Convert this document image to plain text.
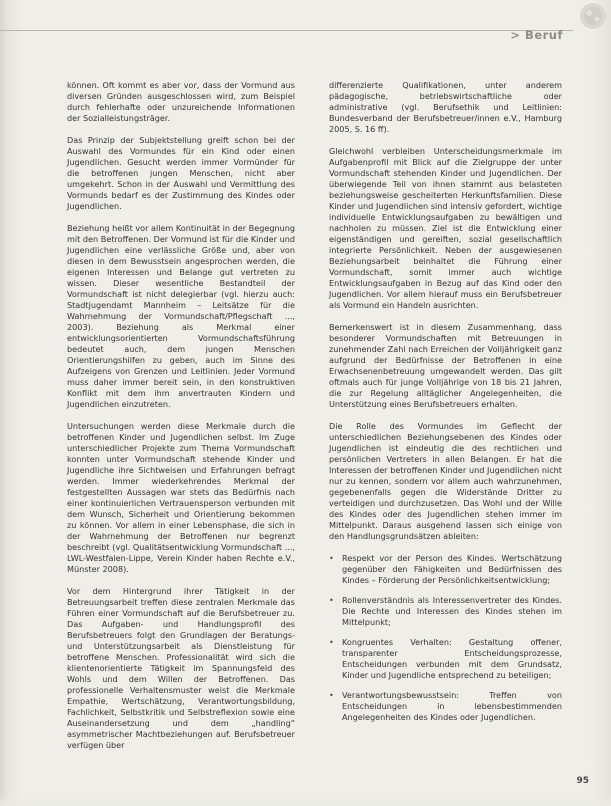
> Beruf

können. Oft kommt es aber vor, dass der Vormund aus diversen Gründen ausgeschlossen wird, zum Beispiel durch fehlerhafte oder unzureichende Informationen der Sozialleistungsträger.

Das Prinzip der Subjektstellung greift schon bei der Auswahl des Vormundes für ein Kind oder einen Jugendlichen. Gesucht werden immer Vormünder für die betroffenen jungen Menschen, nicht aber umgekehrt. Schon in der Auswahl und Vermittlung des Vormunds bedarf es der Zustimmung des Kindes oder Jugendlichen.

Beziehung heißt vor allem Kontinuität in der Begegnung mit den Betroffenen. Der Vormund ist für die Kinder und Jugendlichen eine verlässliche Größe und, aber von diesen in dem Bewusstsein angesprochen werden, die eigenen Interessen und Belange gut vertreten zu wissen. Dieser wesentliche Bestandteil der Vormundschaft ist nicht delegierbar (vgl. hierzu auch: Stadtjugendamt Mannheim – Leitsätze für die Wahrnehmung der Vormundschaft/Pflegschaft ..., 2003). Beziehung als Merkmal einer entwicklungsorientierten Vormundschaftsführung bedeutet auch, dem jungen Menschen Orientierungshilfen zu geben, auch im Sinne des Aufzeigens von Grenzen und Leitlinien. Jeder Vormund muss daher immer bereit sein, in den konstruktiven Konflikt mit dem ihm anvertrauten Kindern und Jugendlichen einzutreten.

Untersuchungen werden diese Merkmale durch die betroffenen Kinder und Jugendlichen selbst. Im Zuge unterschiedlicher Projekte zum Thema Vormundschaft konnten unter Vormundschaft stehende Kinder und Jugendliche ihre Sichtweisen und Erfahrungen befragt werden. Immer wiederkehrendes Merkmal der festgestellten Aussagen war stets das Bedürfnis nach einer kontinuierlichen Vertrauensperson verbunden mit dem Wunsch, Sicherheit und Orientierung bekommen zu können. Vor allem in einer Lebensphase, die sich in der Wahrnehmung der Betroffenen nur begrenzt beschreibt (vgl. Qualitätsentwicklung Vormundschaft ..., LWL-Westfalen-Lippe, Verein Kinder haben Rechte e.V., Münster 2008).

Vor dem Hintergrund ihrer Tätigkeit in der Betreuungsarbeit treffen diese zentralen Merkmale das Führen einer Vormundschaft auf die Berufsbetreuer zu. Das Aufgaben- und Handlungsprofil des Berufsbetreuers folgt den Grundlagen der Beratungs- und Unterstützungsarbeit als Dienstleistung für betroffene Menschen. Professionalität wird sich die klientenorientierte Tätigkeit im Spannungsfeld des Wohls und dem Willen der Betroffenen. Das professionelle Verhaltensmuster weist die Merkmale Empathie, Wertschätzung, Verantwortungsbildung, Fachlichkeit, Selbstkritik und Selbstreflexion sowie eine Auseinandersetzung und dem „handling“ asymmetrischer Machtbeziehungen auf. Berufsbetreuer verfügen über

differenzierte Qualifikationen, unter anderem pädagogische, betriebswirtschaftliche oder administrative (vgl. Berufsethik und Leitlinien: Bundesverband der Berufsbetreuer/innen e.V., Hamburg 2005, S. 16 ff).

Gleichwohl verbleiben Unterscheidungsmerkmale im Aufgabenprofil mit Blick auf die Zielgruppe der unter Vormundschaft stehenden Kinder und Jugendlichen. Der überwiegende Teil von ihnen stammt aus belasteten beziehungsweise gescheiterten Herkunftsfamilien. Diese Kinder und Jugendlichen sind intensiv gefordert, wichtige individuelle Entwicklungsaufgaben zu bewältigen und nachholen zu müssen. Ziel ist die Entwicklung einer eigenständigen und gereiften, sozial gesellschaftlich integrierte Persönlichkeit. Neben der ausgewiesenen Beziehungsarbeit beinhaltet die Führung einer Vormundschaft, somit immer auch wichtige Entwicklungsaufgaben in Bezug auf das Kind oder den Jugendlichen. Vor allem hierauf muss ein Berufsbetreuer als Vormund ein Handeln ausrichten.

Bemerkenswert ist in diesem Zusammenhang, dass besonderer Vormundschaften mit Betreuungen in zunehmender Zahl nach Erreichen der Volljährigkeit ganz aufgrund der Bedürfnisse der Betroffenen in eine Erwachsenenbetreuung umgewandelt werden. Das gilt oftmals auch für junge Volljährige von 18 bis 21 Jahren, die zur Regelung alltäglicher Angelegenheiten, die Unterstützung eines Berufsbetreuers erhalten.

Die Rolle des Vormundes im Geflecht der unterschiedlichen Beziehungsebenen des Kindes oder Jugendlichen ist eindeutig die des rechtlichen und persönlichen Vertreters in allen Belangen. Er hat die Interessen der betroffenen Kinder und Jugendlichen nicht nur zu kennen, sondern vor allem auch wahrzunehmen, gegebenenfalls gegen die Widerstände Dritter zu verteidigen und durchzusetzen. Das Wohl und der Wille des Kindes oder des Jugendlichen stehen immer im Mittelpunkt. Daraus ausgehend lassen sich einige von den Handlungsgrundsätzen ableiten:

• Respekt vor der Person des Kindes. Wertschätzung gegenüber den Fähigkeiten und Bedürfnissen des Kindes – Förderung der Persönlichkeitsentwicklung;
• Rollenverständnis als Interessenvertreter des Kindes. Die Rechte und Interessen des Kindes stehen im Mittelpunkt;
• Kongruentes Verhalten: Gestaltung offener, transparenter Entscheidungsprozesse, Entscheidungen verbunden mit dem Grundsatz, Kinder und Jugendliche entsprechend zu beteiligen;
• Verantwortungsbewusstsein: Treffen von Entscheidungen in lebensbestimmenden Angelegenheiten des Kindes oder Jugendlichen.

95
